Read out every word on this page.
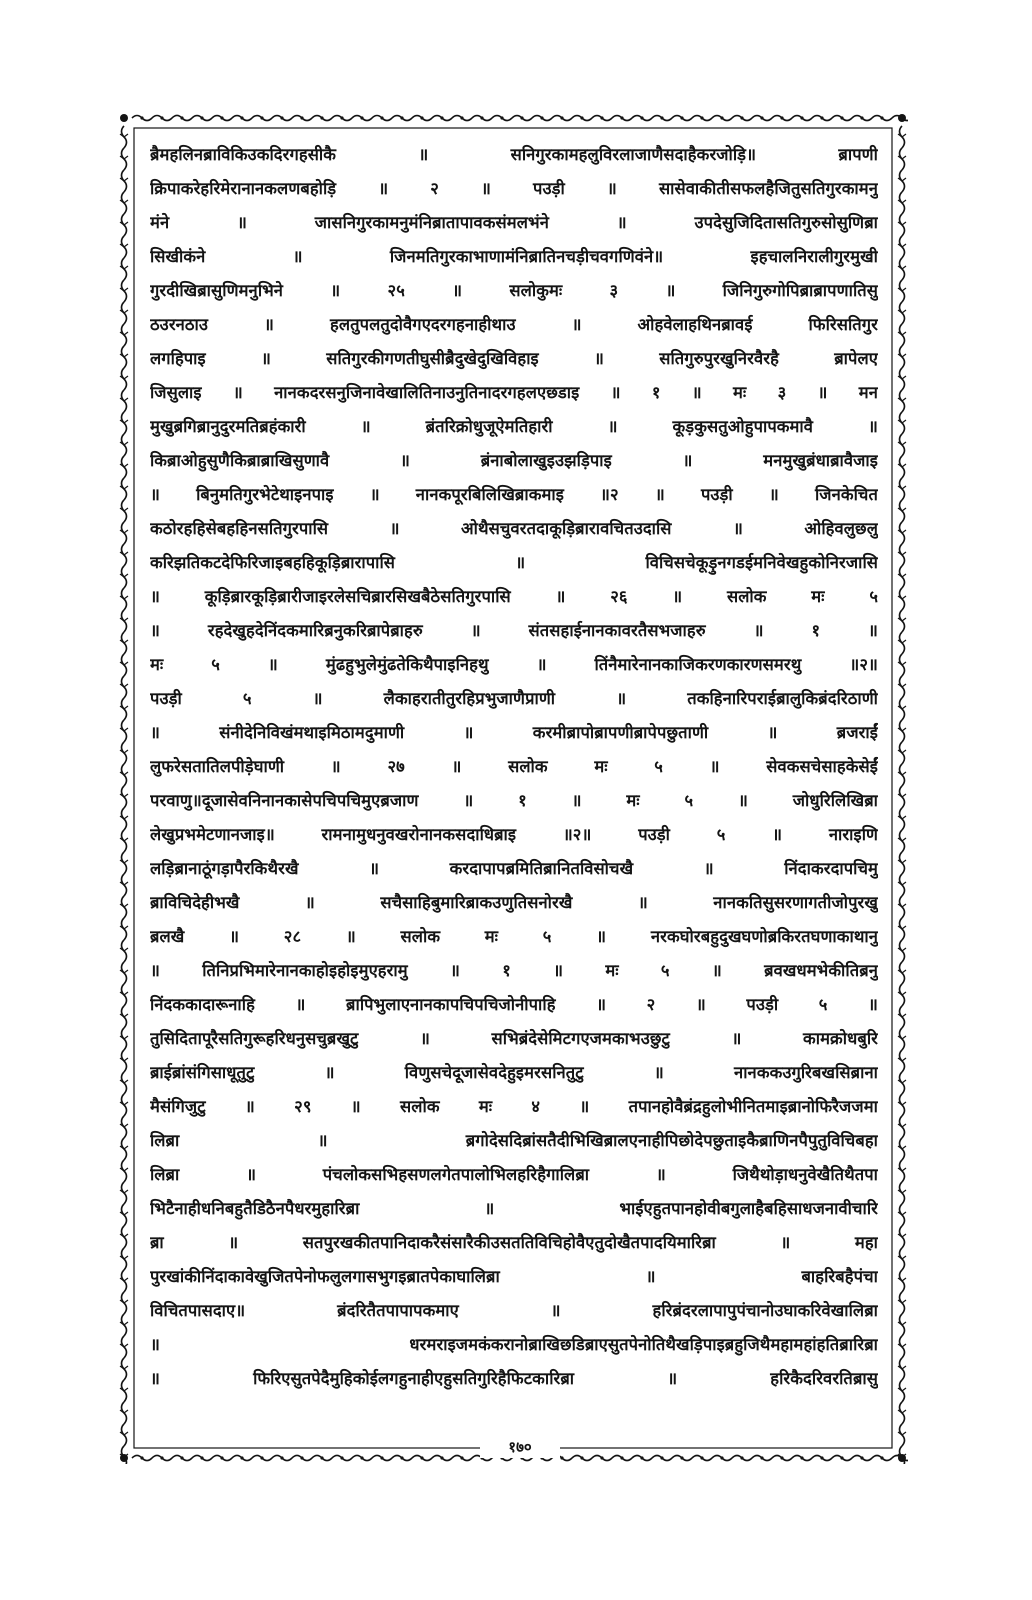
ब्रैमहलिनब्राविकिउकदिरगहसीकै ॥ सनिगुरकामहलुविरलाजाणैसदाहैकरजोड़ि॥ ब्रापणी
क्रिपाकरेहरिमेरानानकलणबहोड़ि ॥ २ ॥ पउड़ी ॥ सासेवाकीतीसफलहैजितुसतिगुरकामनु
मंने ॥ जासनिगुरकामनुमंनिब्रातापावकसंमलभंने ॥ उपदेसुजिदितासतिगुरुसोसुणिब्रा
सिखीकंने ॥ जिनमतिगुरकाभाणामंनिब्रातिनचड़ीचवगणिवंने॥ इहचालनिरालीगुरमुखी
गुरदीखिब्रासुणिमनुभिने ॥ २५ ॥ सलोकुमः ३ ॥ जिनिगुरुगोपिब्राब्रापणातिसु
ठउरनठाउ ॥ हलतुपलतुदोवैगएदरगहनाहीथाउ ॥ ओहवेलाहथिनब्रावई फिरिसतिगुर
लगहिपाइ ॥ सतिगुरकीगणतीघुसीब्रैदुखेदुखिविहाइ ॥ सतिगुरुपुरखुनिरवैरहै ब्रापेलए
जिसुलाइ ॥ नानकदरसनुजिनावेखालितिनाउनुतिनादरगहलएछडाइ ॥ १ ॥ मः ३ ॥ मन
मुखुब्रगिब्रानुदुरमतिब्रहंकारी ॥ ब्रंतरिक्रोधुजूऐमतिहारी ॥ कूड़कुसतुओहुपापकमावै ॥
किब्राओहुसुणैकिब्राब्राखिसुणावै ॥ ब्रंनाबोलाखुइउझड़िपाइ ॥ मनमुखुब्रंधाब्रावैजाइ
॥ बिनुमतिगुरभेटेथाइनपाइ ॥ नानकपूरबिलिखिब्राकमाइ ॥२ ॥ पउड़ी ॥ जिनकेचित
कठोरहहिसेबहहिनसतिगुरपासि ॥ ओथैसचुवरतदाकूड़िब्रारावचितउदासि ॥ ओहिवलुछलु
करिझतिकटदेफिरिजाइबहहिकूड़िब्रारापासि ॥ विचिसचेकूड़ुनगडईमनिवेखहुकोनिरजासि
॥ कूड़िब्रारकूड़िब्रारीजाइरलेसचिब्रारसिखबैठेसतिगुरपासि ॥ २६ ॥ सलोक मः ५
॥ रहदेखुहदेनिंदकमारिब्रनुकरिब्रापेब्राहरु ॥ संतसहाईनानकावरतैसभजाहरु ॥ १ ॥
मः ५ ॥ मुंढहुभुलेमुंढतेकिथैपाइनिहथु ॥ तिंनैमारेनानकाजिकरणकारणसमरथु ॥२॥
पउड़ी ५ ॥ लैकाहरातीतुरहिप्रभुजाणैप्राणी ॥ तकहिनारिपराईब्रालुकिब्रंदरिठाणी
॥ संनीदेनिविखंमथाइमिठामदुमाणी ॥ करमीब्रापोब्रापणीब्रापेपछुताणी ॥ ब्रजराईं
लुफरेसतातिलपीड़ेघाणी ॥ २७ ॥ सलोक मः ५ ॥ सेवकसचेसाहकेसेईं
परवाणु॥दूजासेवनिनानकासेपचिपचिमुएब्रजाण ॥ १ ॥ मः ५ ॥ जोधुरिलिखिब्रा
लेखुप्रभमेटणानजाइ॥ रामनामुधनुवखरोनानकसदाधिब्राइ ॥२॥ पउड़ी ५ ॥ नाराइणि
लड़िब्रानाठूंगड़ापैरकिथैरखै ॥ करदापापब्रमितिब्रानितविसोचखै ॥ निंदाकरदापचिमु
ब्राविचिदेहीभखै ॥ सचैसाहिबुमारिब्राकउणुतिसनोरखै ॥ नानकतिसुसरणागतीजोपुरखु
ब्रलखै ॥ २८ ॥ सलोक मः ५ ॥ नरकघोरबहुदुखघणोब्रकिरतघणाकाथानु
॥ तिनिप्रभिमारेनानकाहोइहोइमुएहरामु ॥ १ ॥ मः ५ ॥ ब्रवखधमभेकीतिब्रनु
निंदककादारूनाहि ॥ ब्रापिभुलाएनानकापचिपचिजोनीपाहि ॥ २ ॥ पउड़ी ५ ॥
तुसिदितापूरैसतिगुरूहरिधनुसचुब्रखुटु ॥ सभिब्रंदेसेमिटगएजमकाभउछुटु ॥ कामक्रोधबुरि
ब्राईब्रांसंगिसाधूतुटु ॥ विणुसचेदूजासेवदेहुइमरसनितुटु ॥ नानककउगुरिबखसिब्राना
मैसंगिजुटु ॥ २९ ॥ सलोक मः ४ ॥ तपानहोवैब्रंद्रहुलोभीनितमाइब्रानोफिरैजजमा
लिब्रा ॥ ब्रगोदेसदिब्रांसतैदीभिखिब्रालएनाहीपिछोदेपछुताइकैब्राणिनपैपुतुविचिबहा
लिब्रा ॥ पंचलोकसभिहसणलगेतपालोभिलहरिहैगालिब्रा ॥ जिथैथोड़ाधनुवेखैतिथैतपा
भिटैनाहीधनिबहुतैडिठैनपैधरमुहारिब्रा ॥ भाईएहुतपानहोवीबगुलाहैबहिसाधजनावीचारि
ब्रा ॥ सतपुरखकीतपानिदाकरैसंसारैकीउसततिविचिहोवैएतुदोखैतपादयिमारिब्रा ॥ महा
पुरखांकीनिंदाकावेखुजितपेनोफलुलगासभुगइब्रातपेकाघालिब्रा ॥ बाहरिबहैपंचा
विचितपासदाए॥ ब्रंदरितैतपापापकमाए ॥ हरिब्रंदरलापापुपंचानोउघाकरिवेखालिब्रा
॥ धरमराइजमकंकरानोब्राखिछडिब्राएसुतपेनोतिथैखड़िपाइब्रहुजिथैमहामहांहतिब्रारिब्रा
॥ फिरिएसुतपेदैमुहिकोईलगहुनाहीएहुसतिगुरिहैफिटकारिब्रा ॥ हरिकैदरिवरतिब्रासु
१७०
